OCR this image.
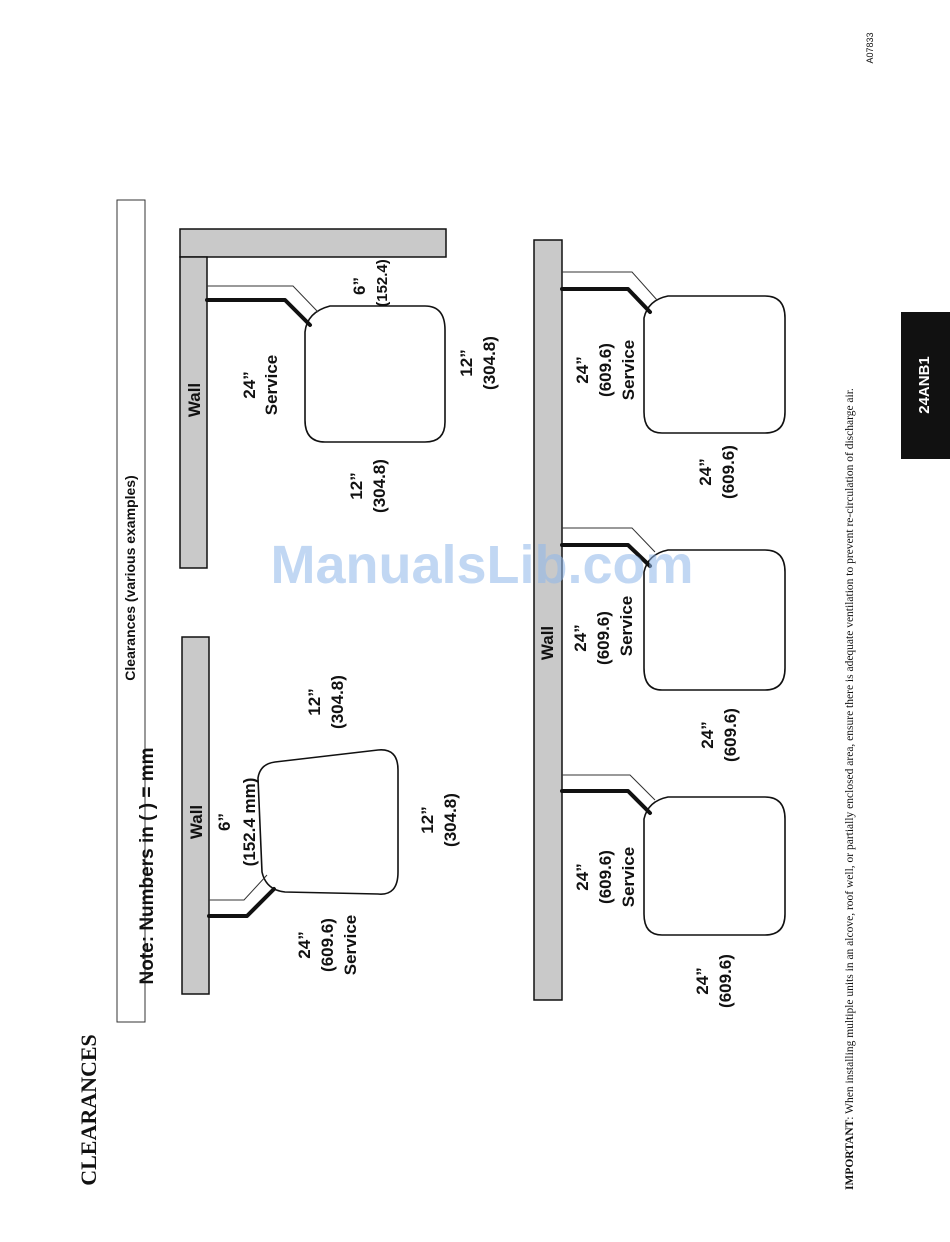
24ANB1
A07833
CLEARANCES	IMPORTANT: When installing multiple units in an alcove, roof well, or partially enclosed area, ensure there is adequate ventilation to prevent re-circulation of discharge air.
Clearances (various examples)
Wall 6” (152.4 mm)
12” (304.8)
12” (304.8)
24” (609.6) Service
Wall
6” (152.4)
24” Service
12” (304.8)
12” (304.8)
Wall
24” (609.6) Service
24” (609.6) Service
24” (609.6) Service
24” (609.6)
24” (609.6)
24” (609.6)
Note: Numbers in ( ) = mm
ManualsLib.com
